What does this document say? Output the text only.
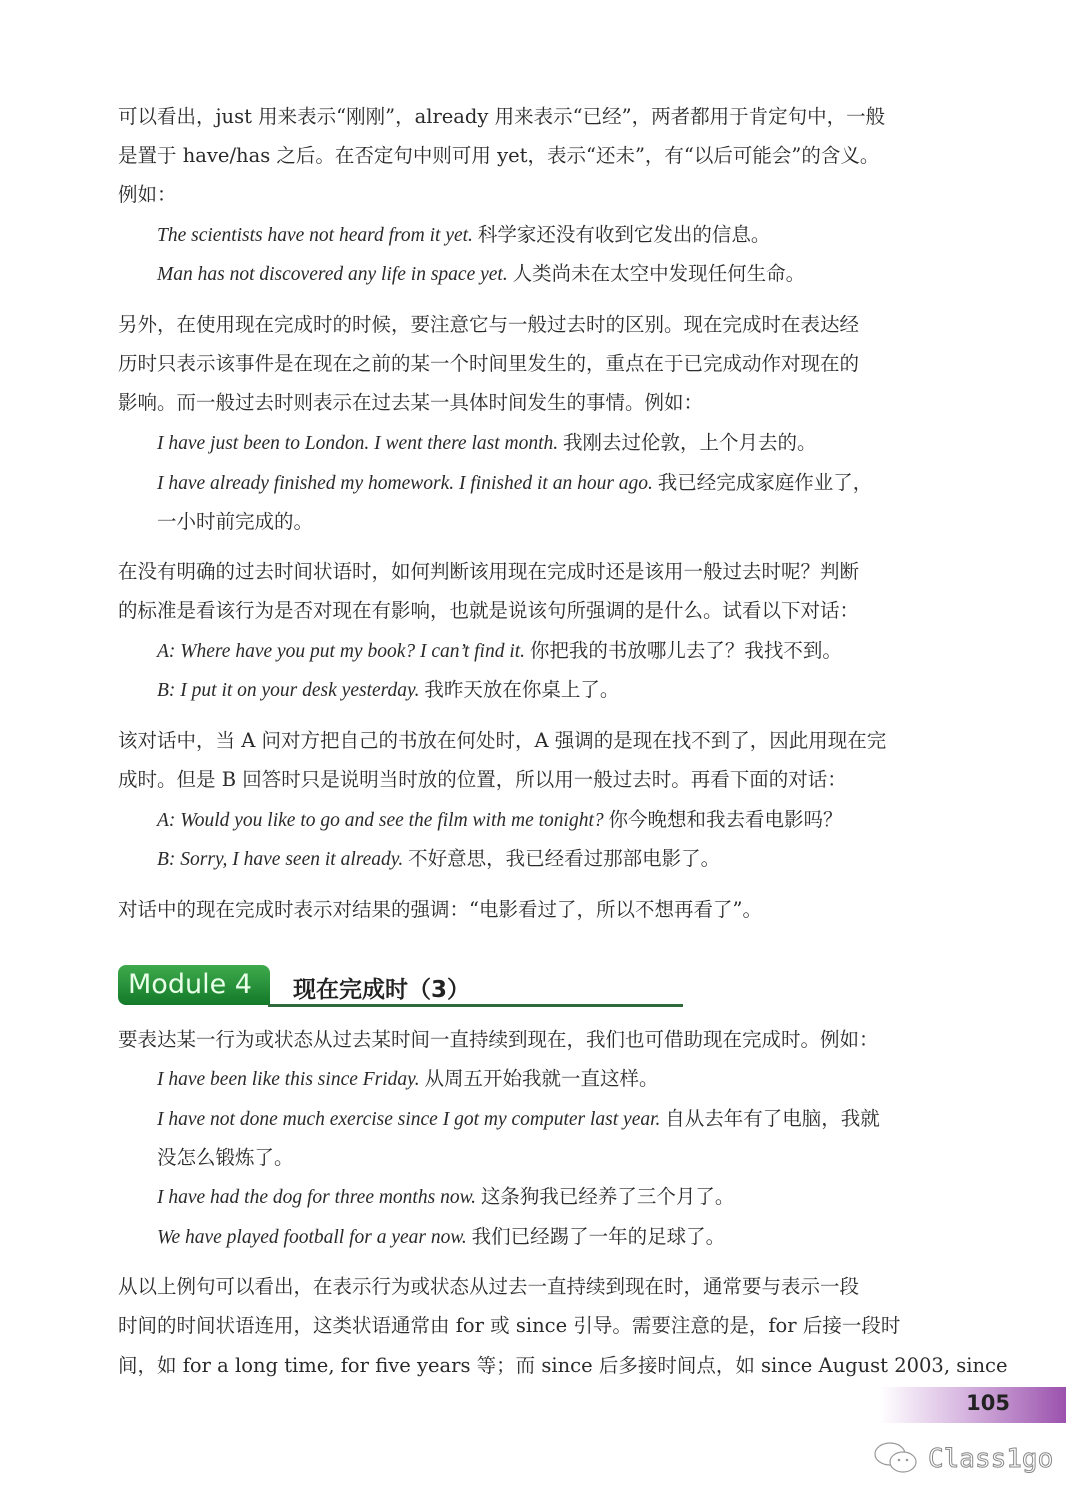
可以看出，just 用来表示“刚刚”，already 用来表示“已经”，两者都用于肯定句中，一般
是置于 have/has 之后。在否定句中则可用 yet，表示“还未”，有“以后可能会”的含义。
例如：
The scientists have not heard from it yet. 科学家还没有收到它发出的信息。
Man has not discovered any life in space yet. 人类尚未在太空中发现任何生命。
另外，在使用现在完成时的时候，要注意它与一般过去时的区别。现在完成时在表达经
历时只表示该事件是在现在之前的某一个时间里发生的，重点在于已完成动作对现在的
影响。而一般过去时则表示在过去某一具体时间发生的事情。例如：
I have just been to London. I went there last month. 我刚去过伦敦，上个月去的。
I have already finished my homework. I finished it an hour ago. 我已经完成家庭作业了，
一小时前完成的。
在没有明确的过去时间状语时，如何判断该用现在完成时还是该用一般过去时呢？判断
的标准是看该行为是否对现在有影响，也就是说该句所强调的是什么。试看以下对话：
A: Where have you put my book? I can’t find it. 你把我的书放哪儿去了？我找不到。
B: I put it on your desk yesterday. 我昨天放在你桌上了。
该对话中，当 A 问对方把自己的书放在何处时，A 强调的是现在找不到了，因此用现在完
成时。但是 B 回答时只是说明当时放的位置，所以用一般过去时。再看下面的对话：
A: Would you like to go and see the film with me tonight? 你今晚想和我去看电影吗？
B: Sorry, I have seen it already. 不好意思，我已经看过那部电影了。
对话中的现在完成时表示对结果的强调：“电影看过了，所以不想再看了”。
要表达某一行为或状态从过去某时间一直持续到现在，我们也可借助现在完成时。例如：
I have been like this since Friday. 从周五开始我就一直这样。
I have not done much exercise since I got my computer last year. 自从去年有了电脑，我就
没怎么锻炼了。
I have had the dog for three months now. 这条狗我已经养了三个月了。
We have played football for a year now. 我们已经踢了一年的足球了。
从以上例句可以看出，在表示行为或状态从过去一直持续到现在时，通常要与表示一段
时间的时间状语连用，这类状语通常由 for 或 since 引导。需要注意的是，for 后接一段时
间，如 for a long time, for five years 等；而 since 后多接时间点，如 since August 2003, since
Module 4	现在完成时（3）
105
Class1go
